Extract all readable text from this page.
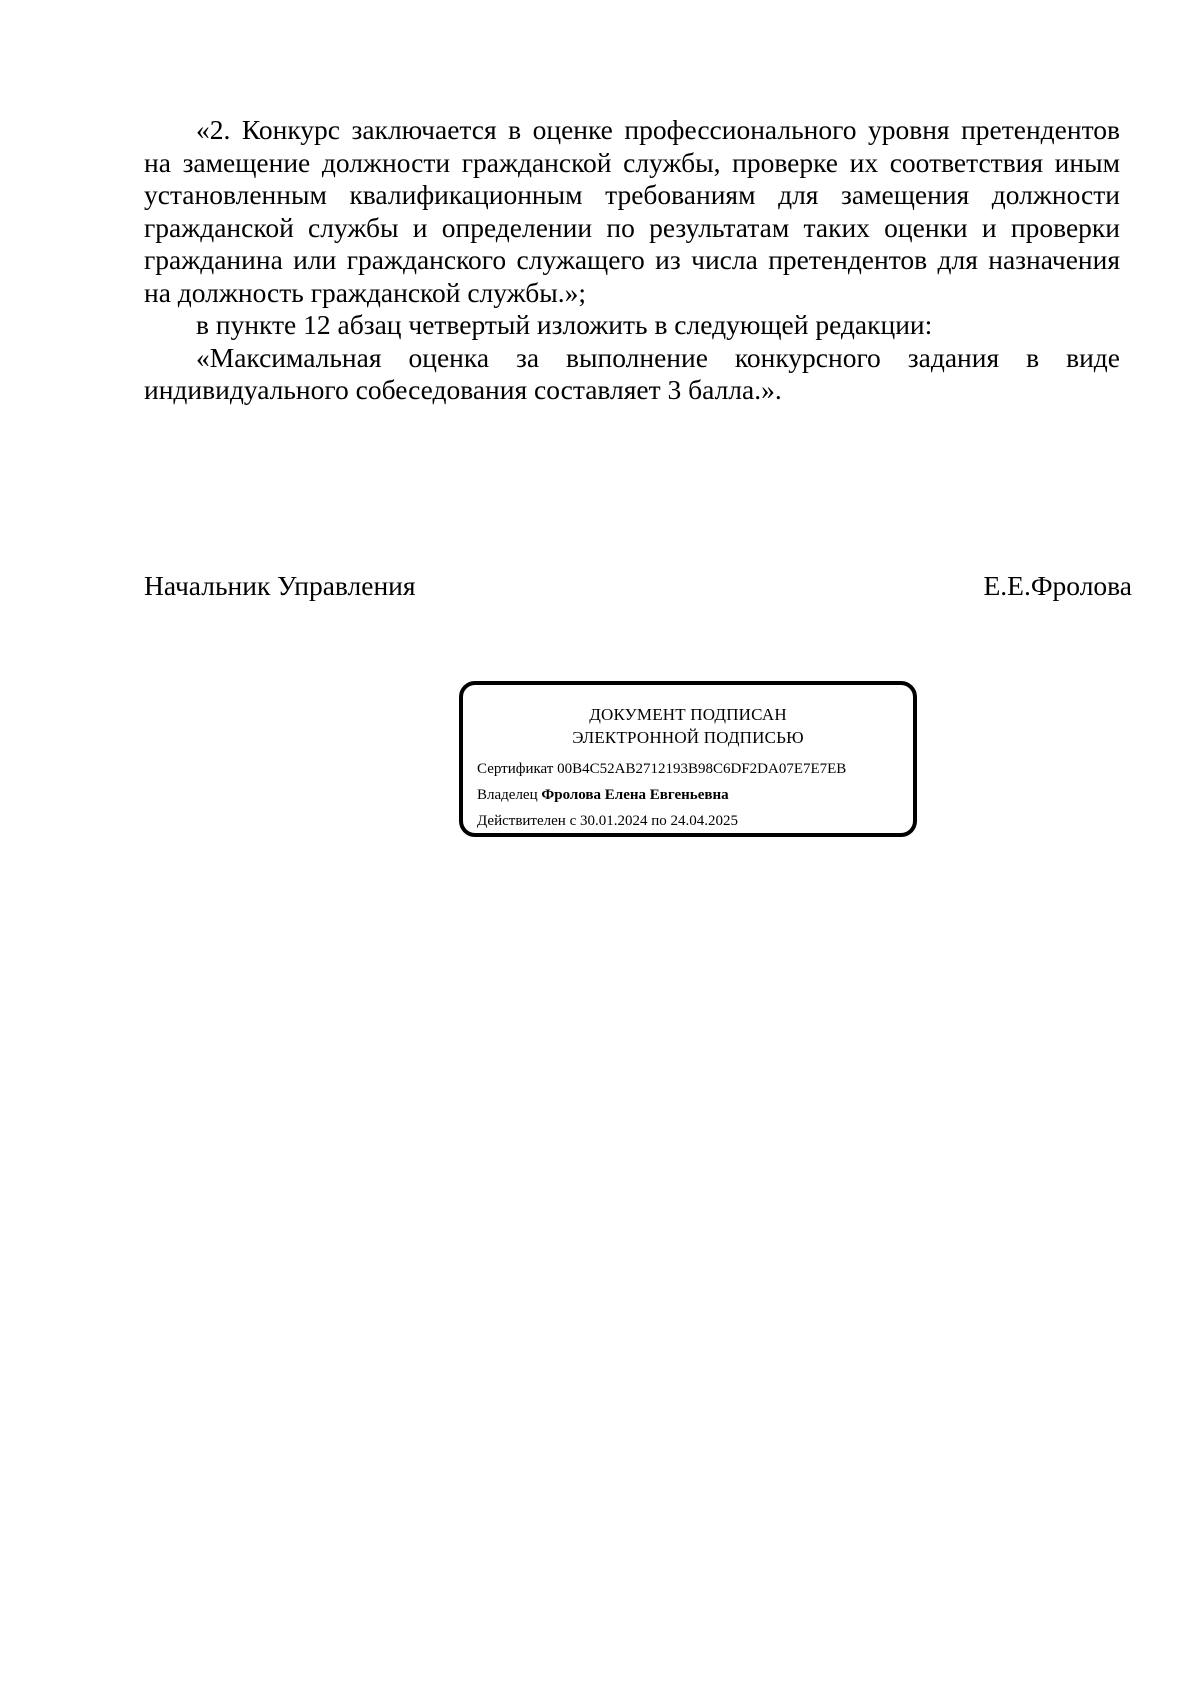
«2. Конкурс заключается в оценке профессионального уровня претендентов на замещение должности гражданской службы, проверке их соответствия иным установленным квалификационным требованиям для замещения должности гражданской службы и определении по результатам таких оценки и проверки гражданина или гражданского служащего из числа претендентов для назначения на должность гражданской службы.»;

в пункте 12 абзац четвертый изложить в следующей редакции:

«Максимальная оценка за выполнение конкурсного задания в виде индивидуального собеседования составляет 3 балла.».

Начальник Управления	Е.Е.Фролова
ДОКУМЕНТ ПОДПИСАН
ЭЛЕКТРОННОЙ ПОДПИСЬЮ
Сертификат 00B4C52AB2712193B98C6DF2DA07E7E7EB
Владелец Фролова Елена Евгеньевна
Действителен с 30.01.2024 по 24.04.2025
